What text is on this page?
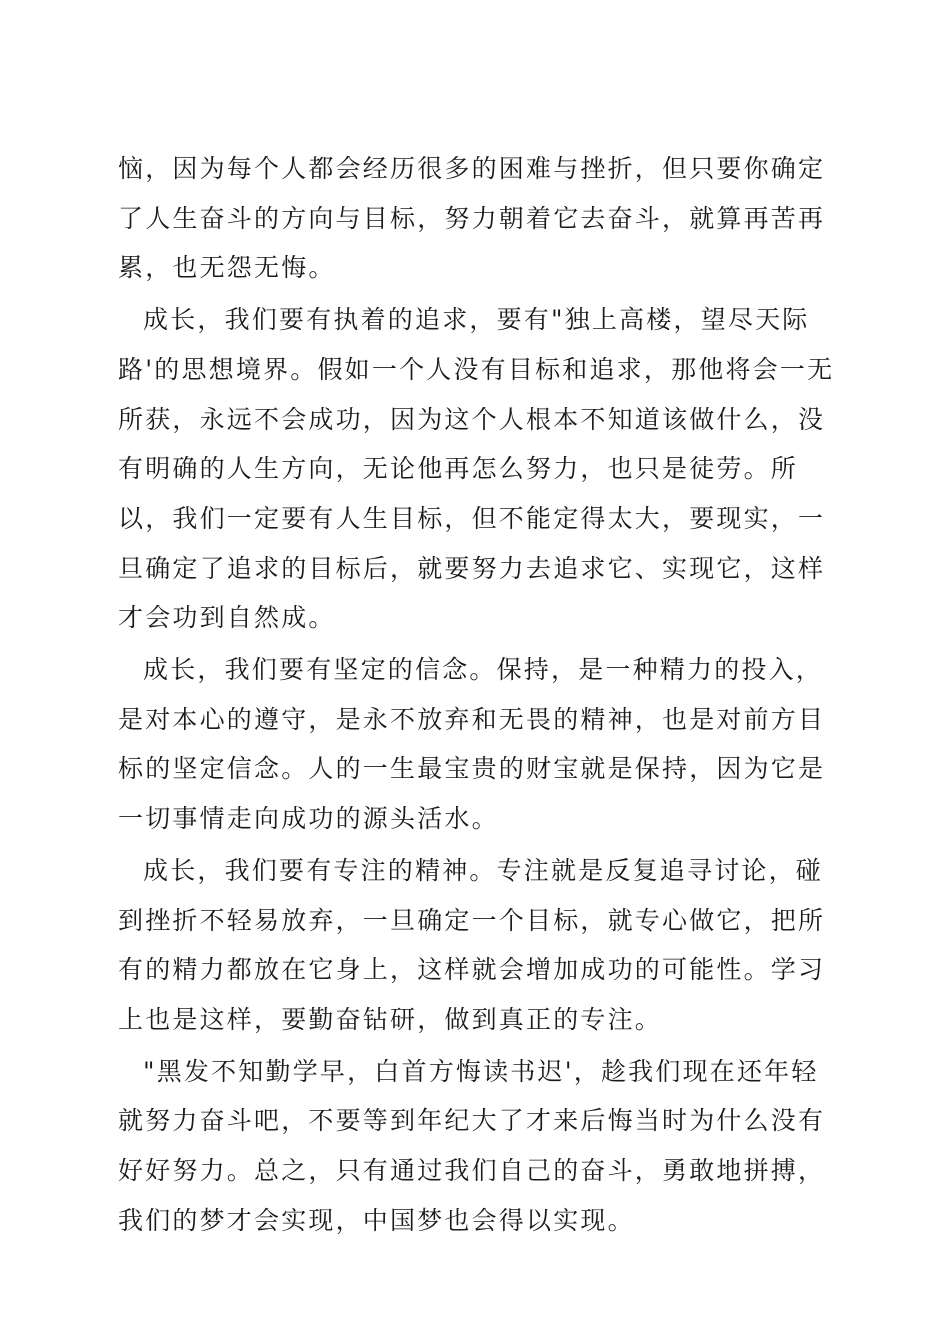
恼，因为每个人都会经历很多的困难与挫折，但只要你确定了人生奋斗的方向与目标，努力朝着它去奋斗，就算再苦再累，也无怨无悔。

成长，我们要有执着的追求，要有"独上高楼，望尽天际路'的思想境界。假如一个人没有目标和追求，那他将会一无所获，永远不会成功，因为这个人根本不知道该做什么，没有明确的人生方向，无论他再怎么努力，也只是徒劳。所以，我们一定要有人生目标，但不能定得太大，要现实，一旦确定了追求的目标后，就要努力去追求它、实现它，这样才会功到自然成。

成长，我们要有坚定的信念。保持，是一种精力的投入，是对本心的遵守，是永不放弃和无畏的精神，也是对前方目标的坚定信念。人的一生最宝贵的财宝就是保持，因为它是一切事情走向成功的源头活水。

成长，我们要有专注的精神。专注就是反复追寻讨论，碰到挫折不轻易放弃，一旦确定一个目标，就专心做它，把所有的精力都放在它身上，这样就会增加成功的可能性。学习上也是这样，要勤奋钻研，做到真正的专注。

"黑发不知勤学早，白首方悔读书迟'，趁我们现在还年轻就努力奋斗吧，不要等到年纪大了才来后悔当时为什么没有好好努力。总之，只有通过我们自己的奋斗，勇敢地拼搏，我们的梦才会实现，中国梦也会得以实现。
